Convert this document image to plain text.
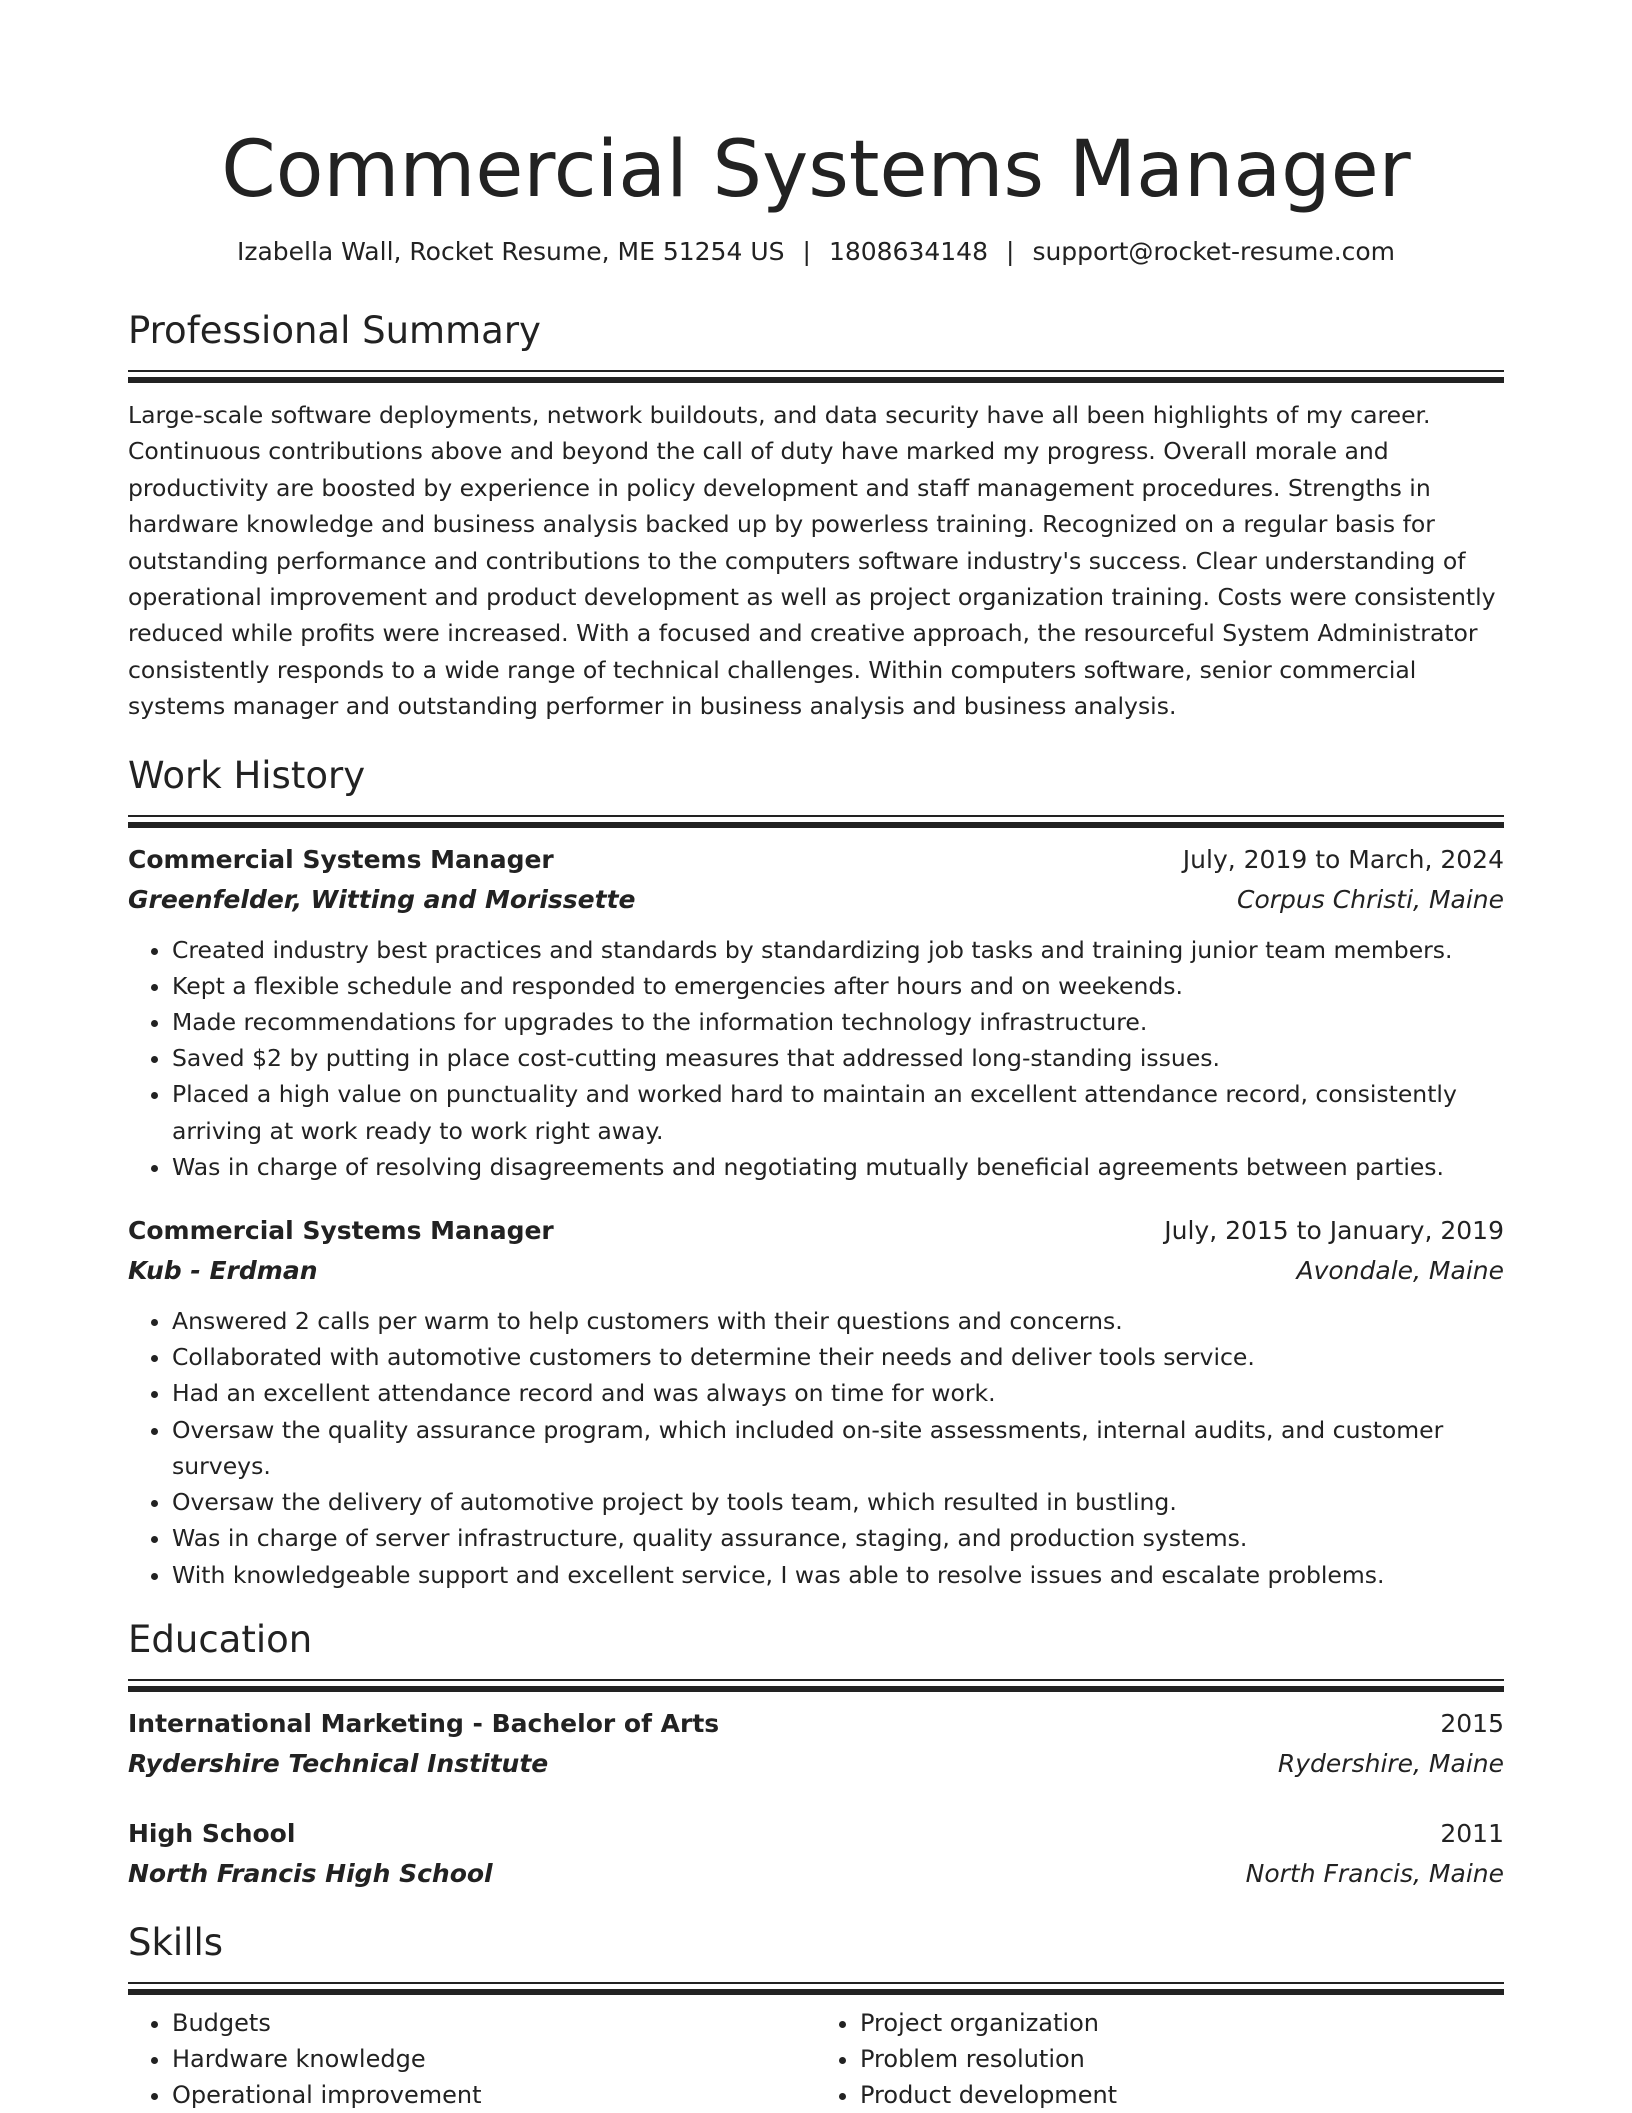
Commercial Systems Manager
Izabella Wall, Rocket Resume, ME 51254 US | 1808634148 | support@rocket-resume.com
Professional Summary
Large-scale software deployments, network buildouts, and data security have all been highlights of my career. Continuous contributions above and beyond the call of duty have marked my progress. Overall morale and productivity are boosted by experience in policy development and staff management procedures. Strengths in hardware knowledge and business analysis backed up by powerless training. Recognized on a regular basis for outstanding performance and contributions to the computers software industry's success. Clear understanding of operational improvement and product development as well as project organization training. Costs were consistently reduced while profits were increased. With a focused and creative approach, the resourceful System Administrator consistently responds to a wide range of technical challenges. Within computers software, senior commercial systems manager and outstanding performer in business analysis and business analysis.
Work History
Commercial Systems Manager	July, 2019 to March, 2024
Greenfelder, Witting and Morissette	Corpus Christi, Maine
• Created industry best practices and standards by standardizing job tasks and training junior team members.
• Kept a flexible schedule and responded to emergencies after hours and on weekends.
• Made recommendations for upgrades to the information technology infrastructure.
• Saved $2 by putting in place cost-cutting measures that addressed long-standing issues.
• Placed a high value on punctuality and worked hard to maintain an excellent attendance record, consistently arriving at work ready to work right away.
• Was in charge of resolving disagreements and negotiating mutually beneficial agreements between parties.
Commercial Systems Manager	July, 2015 to January, 2019
Kub - Erdman	Avondale, Maine
• Answered 2 calls per warm to help customers with their questions and concerns.
• Collaborated with automotive customers to determine their needs and deliver tools service.
• Had an excellent attendance record and was always on time for work.
• Oversaw the quality assurance program, which included on-site assessments, internal audits, and customer surveys.
• Oversaw the delivery of automotive project by tools team, which resulted in bustling.
• Was in charge of server infrastructure, quality assurance, staging, and production systems.
• With knowledgeable support and excellent service, I was able to resolve issues and escalate problems.
Education
International Marketing - Bachelor of Arts	2015
Rydershire Technical Institute	Rydershire, Maine
High School	2011
North Francis High School	North Francis, Maine
Skills
• Budgets
• Hardware knowledge
• Operational improvement
• Project organization
• Problem resolution
• Product development
